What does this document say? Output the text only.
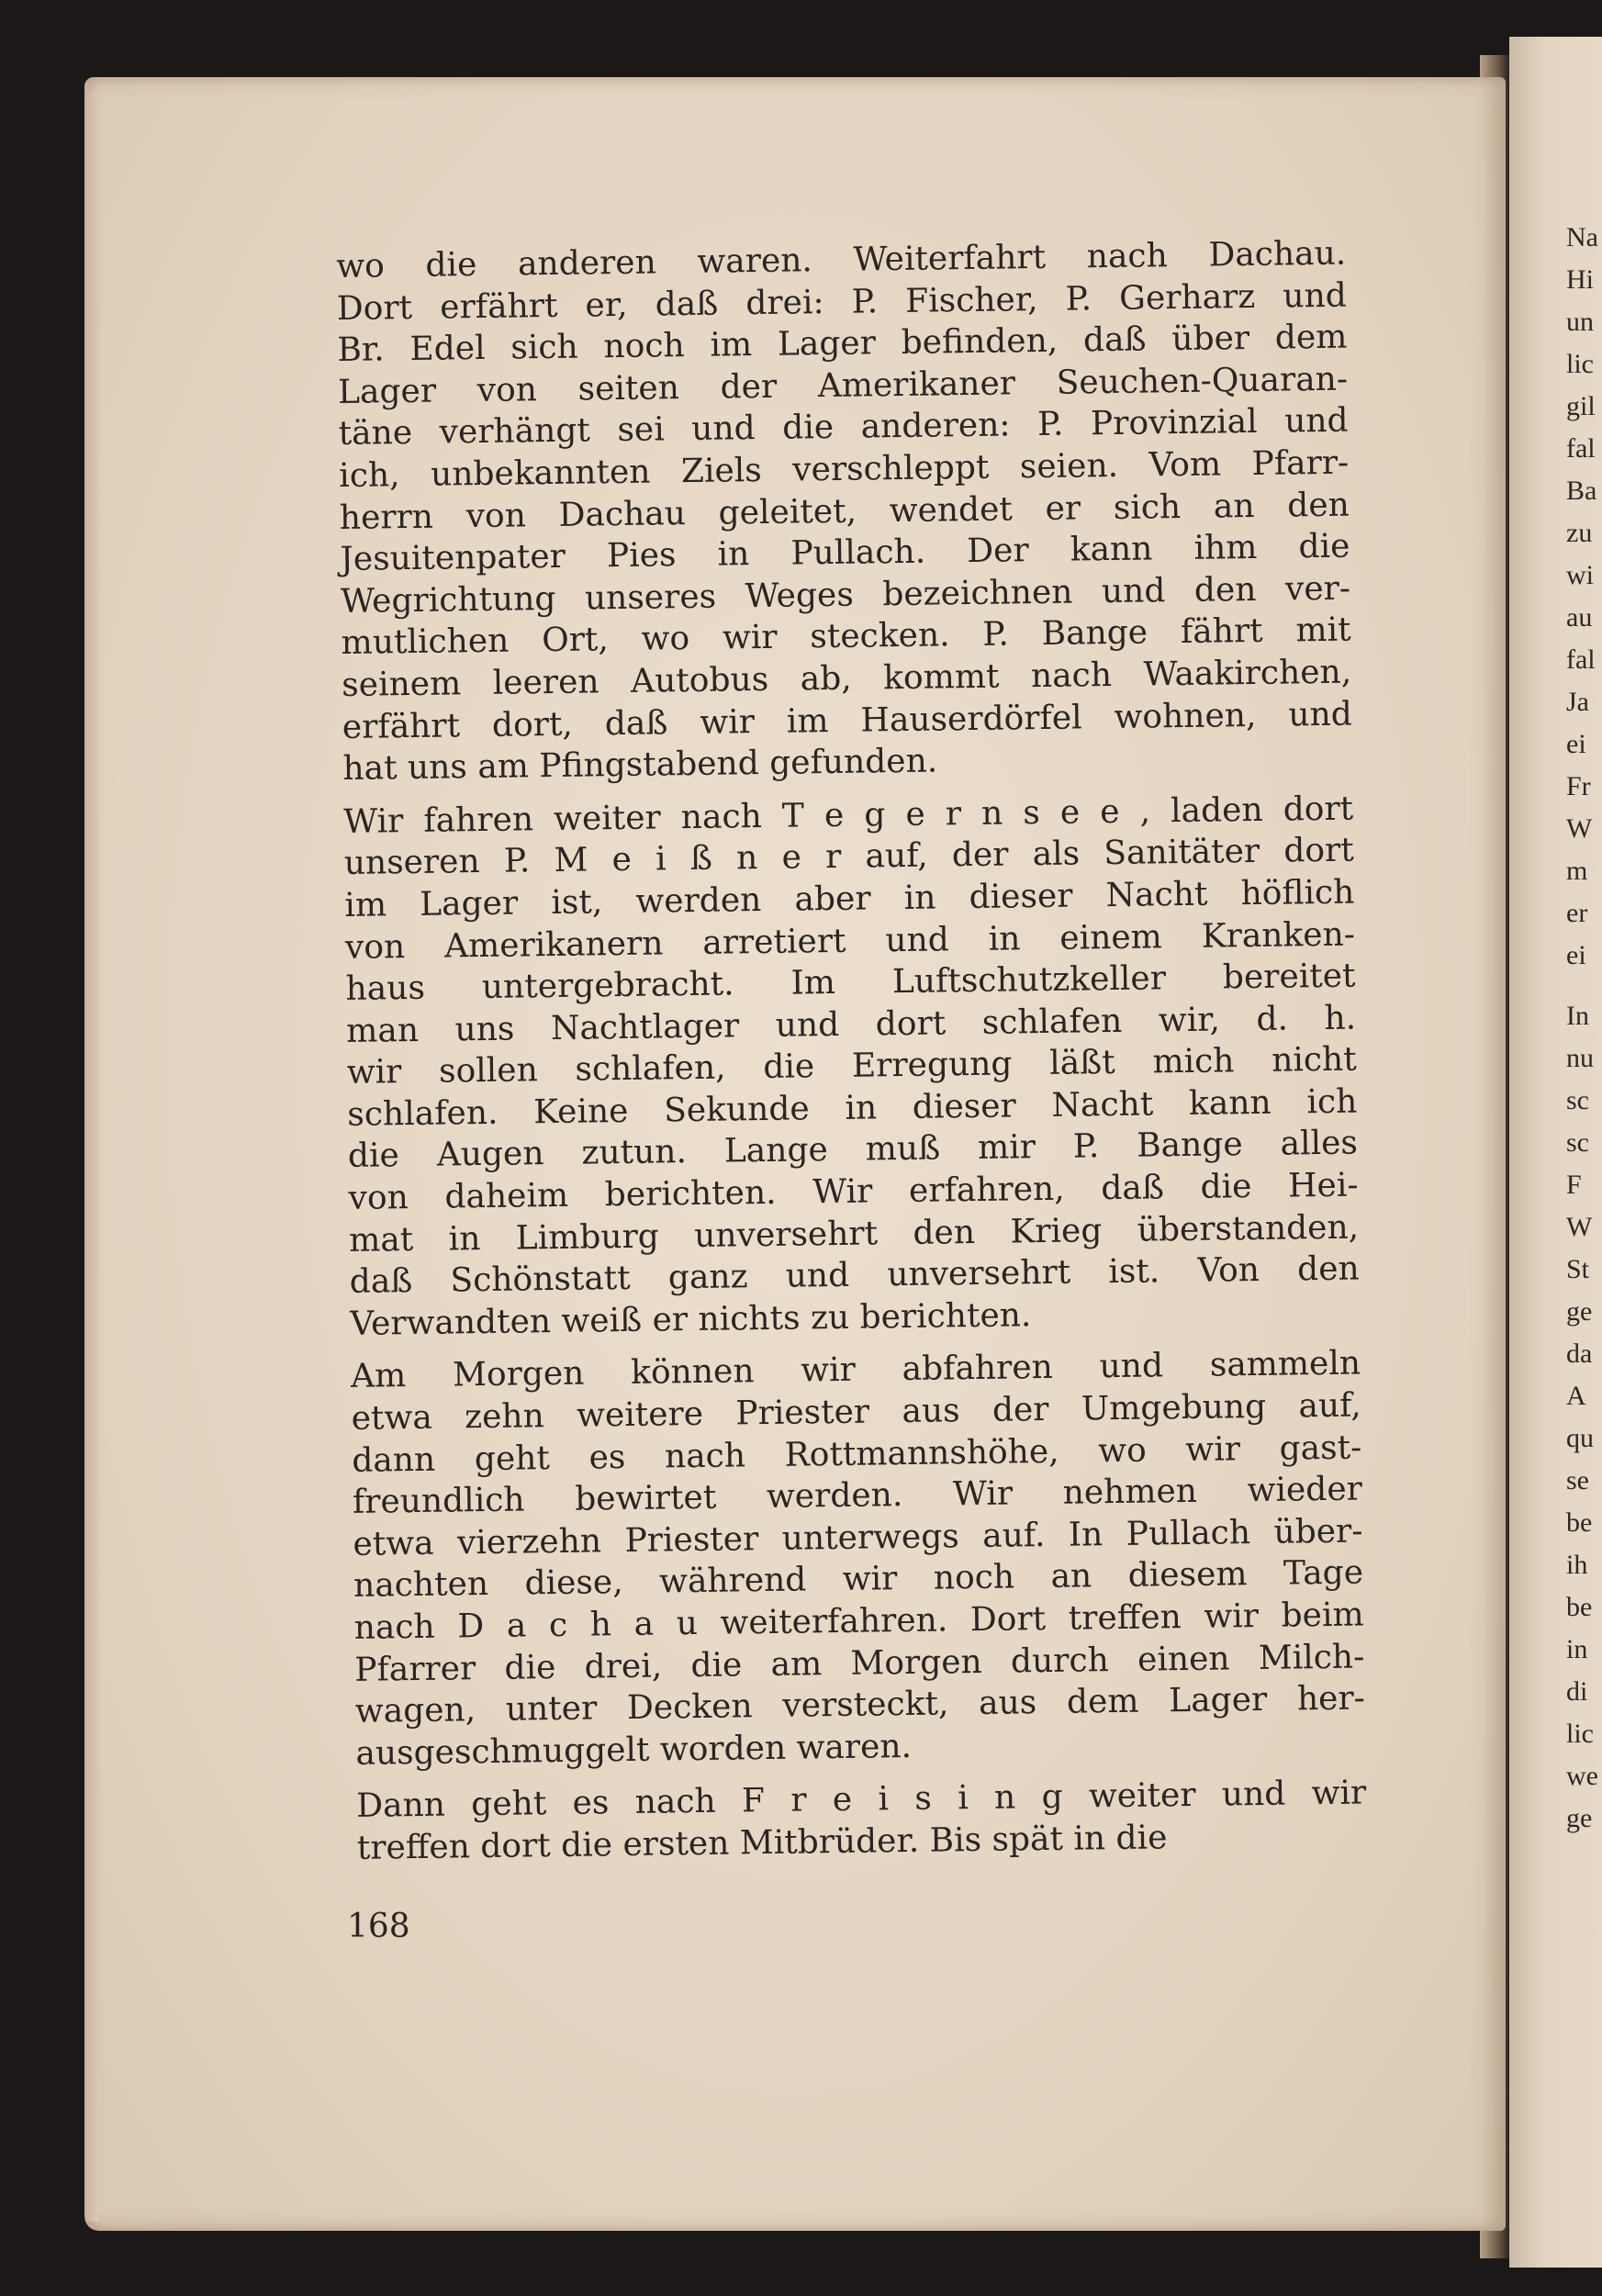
wo die anderen waren. Weiterfahrt nach Dachau.
Dort erfährt er, daß drei: P. Fischer, P. Gerharz und
Br. Edel sich noch im Lager befinden, daß über dem
Lager von seiten der Amerikaner Seuchen-Quaran-
täne verhängt sei und die anderen: P. Provinzial und
ich, unbekannten Ziels verschleppt seien. Vom Pfarr-
herrn von Dachau geleitet, wendet er sich an den
Jesuitenpater Pies in Pullach. Der kann ihm die
Wegrichtung unseres Weges bezeichnen und den ver-
mutlichen Ort, wo wir stecken. P. Bange fährt mit
seinem leeren Autobus ab, kommt nach Waakirchen,
erfährt dort, daß wir im Hauserdörfel wohnen, und
hat uns am Pfingstabend gefunden.
Wir fahren weiter nach T e g e r n s e e , laden dort
unseren P. M e i ß n e r auf, der als Sanitäter dort
im Lager ist, werden aber in dieser Nacht höflich
von Amerikanern arretiert und in einem Kranken-
haus untergebracht. Im Luftschutzkeller bereitet
man uns Nachtlager und dort schlafen wir, d. h.
wir sollen schlafen, die Erregung läßt mich nicht
schlafen. Keine Sekunde in dieser Nacht kann ich
die Augen zutun. Lange muß mir P. Bange alles
von daheim berichten. Wir erfahren, daß die Hei-
mat in Limburg unversehrt den Krieg überstanden,
daß Schönstatt ganz und unversehrt ist. Von den
Verwandten weiß er nichts zu berichten.
Am Morgen können wir abfahren und sammeln
etwa zehn weitere Priester aus der Umgebung auf,
dann geht es nach Rottmannshöhe, wo wir gast-
freundlich bewirtet werden. Wir nehmen wieder
etwa vierzehn Priester unterwegs auf. In Pullach über-
nachten diese, während wir noch an diesem Tage
nach D a c h a u weiterfahren. Dort treffen wir beim
Pfarrer die drei, die am Morgen durch einen Milch-
wagen, unter Decken versteckt, aus dem Lager her-
ausgeschmuggelt worden waren.
Dann geht es nach F r e i s i n g weiter und wir
treffen dort die ersten Mitbrüder. Bis spät in die
168
Na
Hi
un
lic
gil
fal
Ba
zu
wi
au
fal
Ja
ei
Fr
W
m
er
ei
In
nu
sc
sc
F
W
St
ge
da
A
qu
se
be
ih
be
in
di
lic
we
ge
